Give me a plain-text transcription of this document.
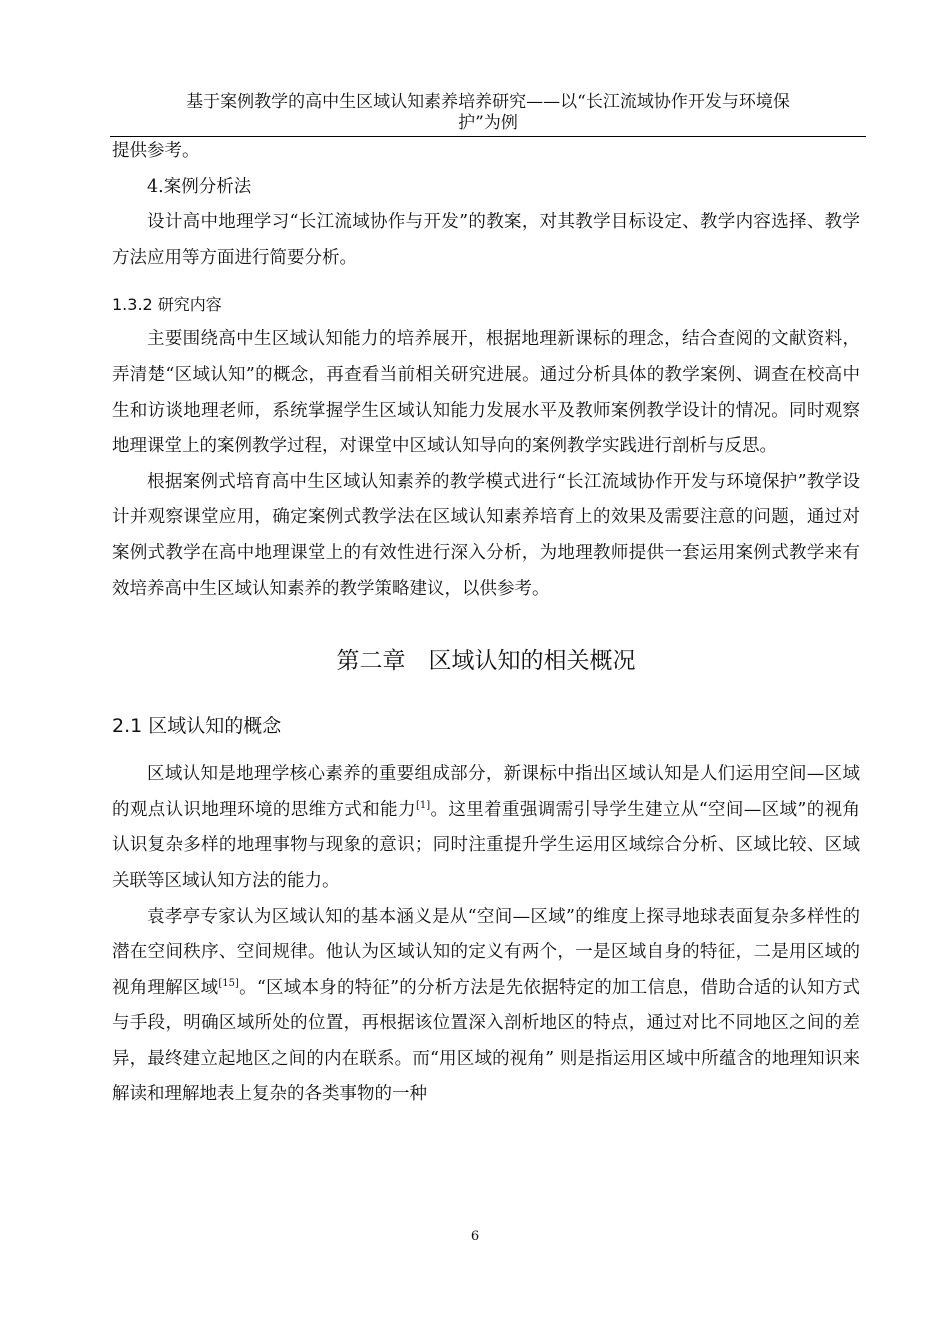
基于案例教学的高中生区域认知素养培养研究——以“长江流域协作开发与环境保
护”为例

提供参考。

4.案例分析法

设计高中地理学习“长江流域协作与开发”的教案，对其教学目标设定、教学内容选择、教学方法应用等方面进行简要分析。

1.3.2 研究内容

主要围绕高中生区域认知能力的培养展开，根据地理新课标的理念，结合查阅的文献资料，弄清楚“区域认知”的概念，再查看当前相关研究进展。通过分析具体的教学案例、调查在校高中生和访谈地理老师，系统掌握学生区域认知能力发展水平及教师案例教学设计的情况。同时观察地理课堂上的案例教学过程，对课堂中区域认知导向的案例教学实践进行剖析与反思。

根据案例式培育高中生区域认知素养的教学模式进行“长江流域协作开发与环境保护”教学设计并观察课堂应用，确定案例式教学法在区域认知素养培育上的效果及需要注意的问题，通过对案例式教学在高中地理课堂上的有效性进行深入分析，为地理教师提供一套运用案例式教学来有效培养高中生区域认知素养的教学策略建议，以供参考。

第二章　区域认知的相关概况
2.1 区域认知的概念

区域认知是地理学核心素养的重要组成部分，新课标中指出区域认知是人们运用空间—区域的观点认识地理环境的思维方式和能力[1]。这里着重强调需引导学生建立从“空间—区域”的视角认识复杂多样的地理事物与现象的意识；同时注重提升学生运用区域综合分析、区域比较、区域关联等区域认知方法的能力。

袁孝亭专家认为区域认知的基本涵义是从“空间—区域”的维度上探寻地球表面复杂多样性的潜在空间秩序、空间规律。他认为区域认知的定义有两个，一是区域自身的特征，二是用区域的视角理解区域[15]。“区域本身的特征”的分析方法是先依据特定的加工信息，借助合适的认知方式与手段，明确区域所处的位置，再根据该位置深入剖析地区的特点，通过对比不同地区之间的差异，最终建立起地区之间的内在联系。而“用区域的视角” 则是指运用区域中所蕴含的地理知识来解读和理解地表上复杂的各类事物的一种

6
